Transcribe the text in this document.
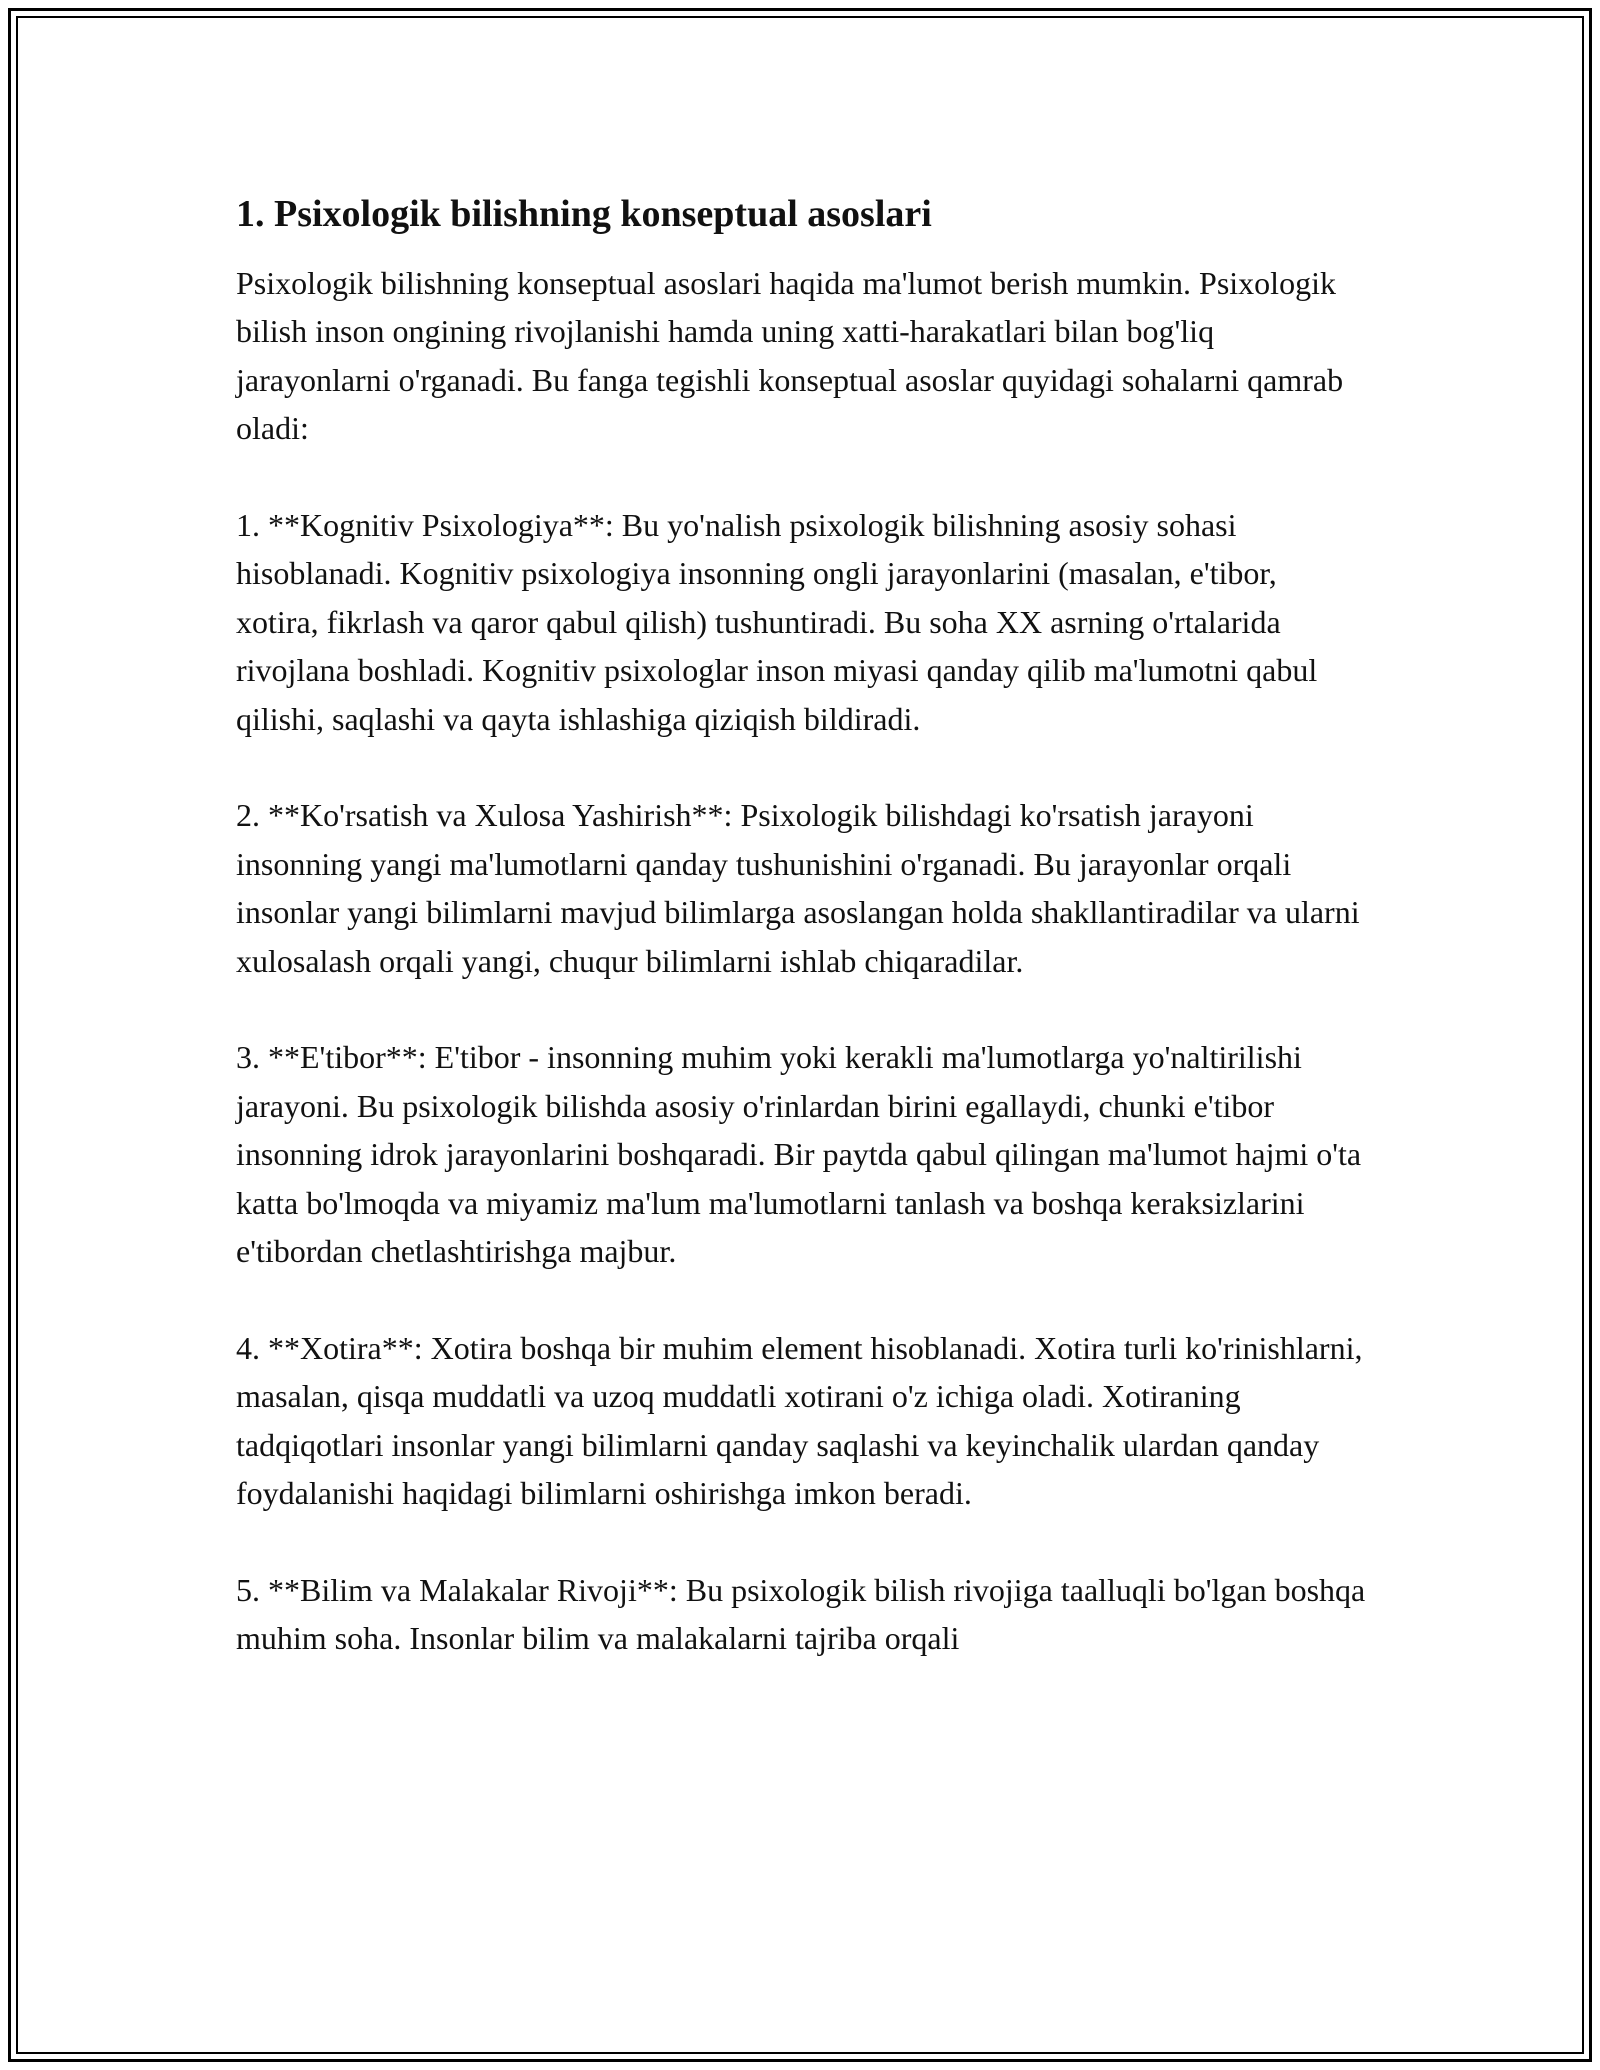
1. Psixologik bilishning konseptual asoslari

Psixologik bilishning konseptual asoslari haqida ma'lumot berish mumkin. Psixologik bilish inson ongining rivojlanishi hamda uning xatti-harakatlari bilan bog'liq jarayonlarni o'rganadi. Bu fanga tegishli konseptual asoslar quyidagi sohalarni qamrab oladi:

1. **Kognitiv Psixologiya**: Bu yo'nalish psixologik bilishning asosiy sohasi hisoblanadi. Kognitiv psixologiya insonning ongli jarayonlarini (masalan, e'tibor, xotira, fikrlash va qaror qabul qilish) tushuntiradi. Bu soha XX asrning o'rtalarida rivojlana boshladi. Kognitiv psixologlar inson miyasi qanday qilib ma'lumotni qabul qilishi, saqlashi va qayta ishlashiga qiziqish bildiradi.

2. **Ko'rsatish va Xulosa Yashirish**: Psixologik bilishdagi ko'rsatish jarayoni insonning yangi ma'lumotlarni qanday tushunishini o'rganadi. Bu jarayonlar orqali insonlar yangi bilimlarni mavjud bilimlarga asoslangan holda shakllantiradilar va ularni xulosalash orqali yangi, chuqur bilimlarni ishlab chiqaradilar.

3. **E'tibor**: E'tibor - insonning muhim yoki kerakli ma'lumotlarga yo'naltirilishi jarayoni. Bu psixologik bilishda asosiy o'rinlardan birini egallaydi, chunki e'tibor insonning idrok jarayonlarini boshqaradi. Bir paytda qabul qilingan ma'lumot hajmi o'ta katta bo'lmoqda va miyamiz ma'lum ma'lumotlarni tanlash va boshqa keraksizlarini e'tibordan chetlashtirishga majbur.

4. **Xotira**: Xotira boshqa bir muhim element hisoblanadi. Xotira turli ko'rinishlarni, masalan, qisqa muddatli va uzoq muddatli xotirani o'z ichiga oladi. Xotiraning tadqiqotlari insonlar yangi bilimlarni qanday saqlashi va keyinchalik ulardan qanday foydalanishi haqidagi bilimlarni oshirishga imkon beradi.

5. **Bilim va Malakalar Rivoji**: Bu psixologik bilish rivojiga taalluqli bo'lgan boshqa muhim soha. Insonlar bilim va malakalarni tajriba orqali
